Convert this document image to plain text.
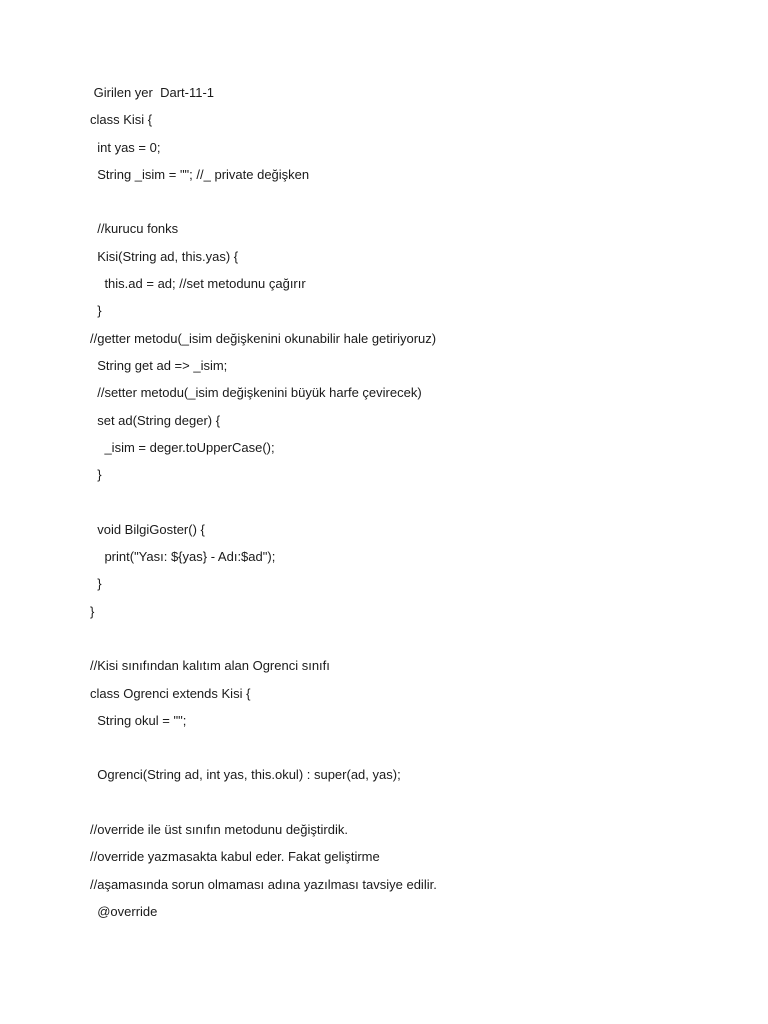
Girilen yer  Dart-11-1
class Kisi {
int yas = 0;
String _isim = ""; //_ private değişken
//kurucu fonks
Kisi(String ad, this.yas) {
this.ad = ad; //set metodunu çağırır
}
//getter metodu(_isim değişkenini okunabilir hale getiriyoruz)
String get ad => _isim;
//setter metodu(_isim değişkenini büyük harfe çevirecek)
set ad(String deger) {
_isim = deger.toUpperCase();
}
void BilgiGoster() {
print("Yası: ${yas} - Adı:$ad");
}
}
//Kisi sınıfından kalıtım alan Ogrenci sınıfı
class Ogrenci extends Kisi {
String okul = "";
Ogrenci(String ad, int yas, this.okul) : super(ad, yas);
//override ile üst sınıfın metodunu değiştirdik.
//override yazmasakta kabul eder. Fakat geliştirme
//aşamasında sorun olmaması adına yazılması tavsiye edilir.
@override
